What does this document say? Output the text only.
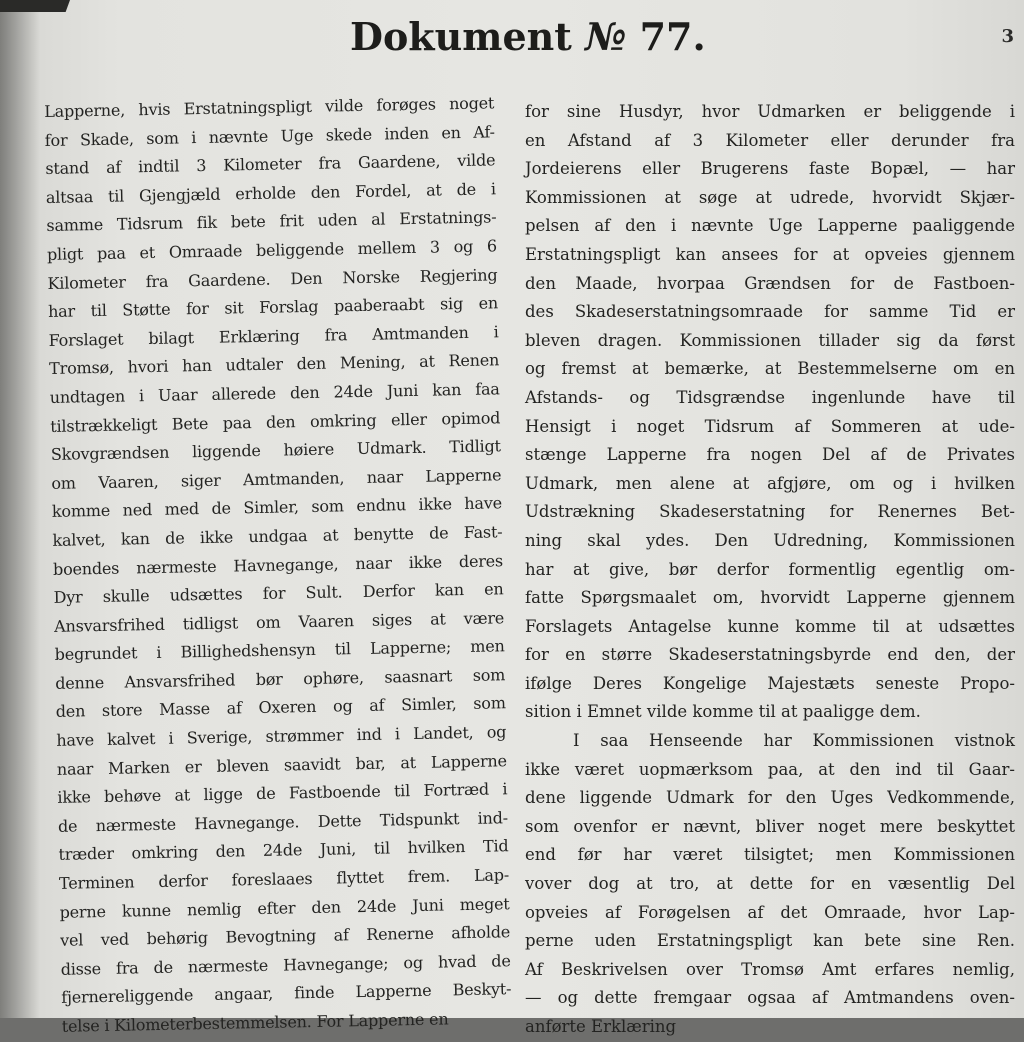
Dokument № 77.	3
Lapperne, hvis Erstatningspligt vilde forøges noget
for Skade, som i nævnte Uge skede inden en Af-
stand af indtil 3 Kilometer fra Gaardene, vilde
altsaa til Gjengjæld erholde den Fordel, at de i
samme Tidsrum fik bete frit uden al Erstatnings-
pligt paa et Omraade beliggende mellem 3 og 6
Kilometer fra Gaardene. Den Norske Regjering
har til Støtte for sit Forslag paaberaabt sig en
Forslaget bilagt Erklæring fra Amtmanden i
Tromsø, hvori han udtaler den Mening, at Renen
undtagen i Uaar allerede den 24de Juni kan faa
tilstrækkeligt Bete paa den omkring eller opimod
Skovgrændsen liggende høiere Udmark. Tidligt
om Vaaren, siger Amtmanden, naar Lapperne
komme ned med de Simler, som endnu ikke have
kalvet, kan de ikke undgaa at benytte de Fast-
boendes nærmeste Havnegange, naar ikke deres
Dyr skulle udsættes for Sult. Derfor kan en
Ansvarsfrihed tidligst om Vaaren siges at være
begrundet i Billighedshensyn til Lapperne; men
denne Ansvarsfrihed bør ophøre, saasnart som
den store Masse af Oxeren og af Simler, som
have kalvet i Sverige, strømmer ind i Landet, og
naar Marken er bleven saavidt bar, at Lapperne
ikke behøve at ligge de Fastboende til Fortræd i
de nærmeste Havnegange. Dette Tidspunkt ind-
træder omkring den 24de Juni, til hvilken Tid
Terminen derfor foreslaaes flyttet frem. Lap-
perne kunne nemlig efter den 24de Juni meget
vel ved behørig Bevogtning af Renerne afholde
disse fra de nærmeste Havnegange; og hvad de
fjernereliggende angaar, finde Lapperne Beskyt-
telse i Kilometerbestemmelsen. For Lapperne en
for sine Husdyr, hvor Udmarken er beliggende i
en Afstand af 3 Kilometer eller derunder fra
Jordeierens eller Brugerens faste Bopæl, — har
Kommissionen at søge at udrede, hvorvidt Skjær-
pelsen af den i nævnte Uge Lapperne paaliggende
Erstatningspligt kan ansees for at opveies gjennem
den Maade, hvorpaa Grændsen for de Fastboen-
des Skadeserstatningsomraade for samme Tid er
bleven dragen. Kommissionen tillader sig da først
og fremst at bemærke, at Bestemmelserne om en
Afstands- og Tidsgrændse ingenlunde have til
Hensigt i noget Tidsrum af Sommeren at ude-
stænge Lapperne fra nogen Del af de Privates
Udmark, men alene at afgjøre, om og i hvilken
Udstrækning Skadeserstatning for Renernes Bet-
ning skal ydes. Den Udredning, Kommissionen
har at give, bør derfor formentlig egentlig om-
fatte Spørgsmaalet om, hvorvidt Lapperne gjennem
Forslagets Antagelse kunne komme til at udsættes
for en større Skadeserstatningsbyrde end den, der
ifølge Deres Kongelige Majestæts seneste Propo-
sition i Emnet vilde komme til at paaligge dem.
I saa Henseende har Kommissionen vistnok
ikke været uopmærksom paa, at den ind til Gaar-
dene liggende Udmark for den Uges Vedkommende,
som ovenfor er nævnt, bliver noget mere beskyttet
end før har været tilsigtet; men Kommissionen
vover dog at tro, at dette for en væsentlig Del
opveies af Forøgelsen af det Omraade, hvor Lap-
perne uden Erstatningspligt kan bete sine Ren.
Af Beskrivelsen over Tromsø Amt erfares nemlig,
— og dette fremgaar ogsaa af Amtmandens oven-
anførte Erklæring
